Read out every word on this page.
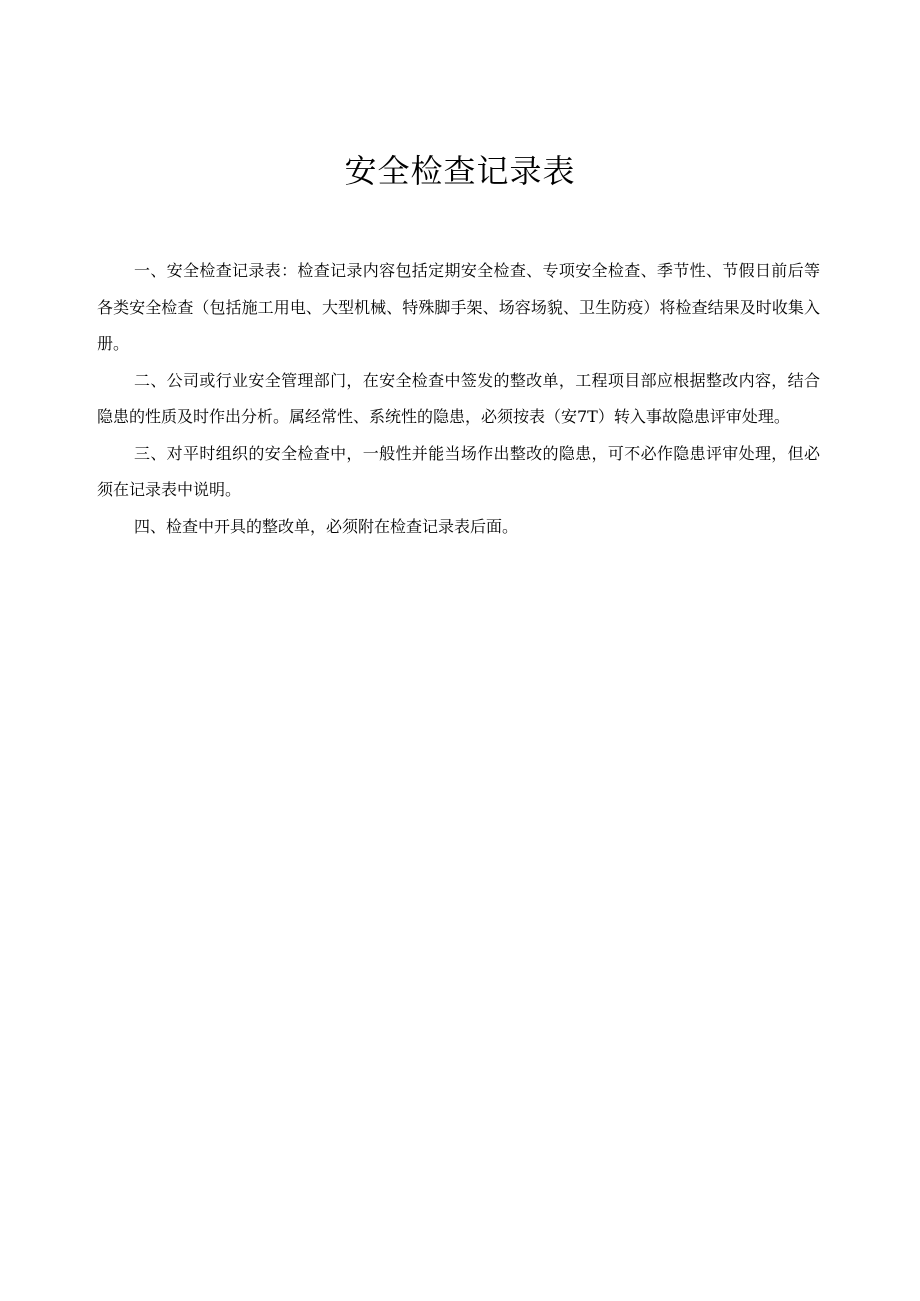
安全检查记录表

一、安全检查记录表：检查记录内容包括定期安全检查、专项安全检查、季节性、节假日前后等各类安全检查（包括施工用电、大型机械、特殊脚手架、场容场貌、卫生防疫）将检查结果及时收集入册。

二、公司或行业安全管理部门，在安全检查中签发的整改单，工程项目部应根据整改内容，结合隐患的性质及时作出分析。属经常性、系统性的隐患，必须按表（安7T）转入事故隐患评审处理。

三、对平时组织的安全检查中，一般性并能当场作出整改的隐患，可不必作隐患评审处理，但必须在记录表中说明。

四、检查中开具的整改单，必须附在检查记录表后面。
